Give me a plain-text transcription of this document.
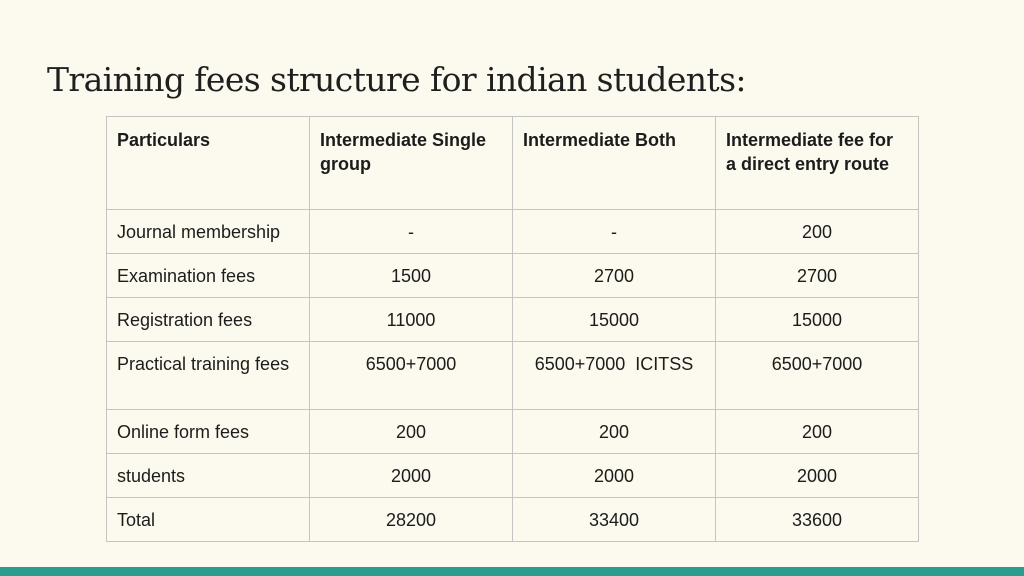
Training fees structure for indian students:
Particulars	Intermediate Single group	Intermediate Both	Intermediate fee for a direct entry route
Journal membership	-	-	200
Examination fees	1500	2700	2700
Registration fees	11000	15000	15000
Practical training fees	6500+7000	6500+7000  ICITSS	6500+7000
Online form fees	200	200	200
students	2000	2000	2000
Total	28200	33400	33600
